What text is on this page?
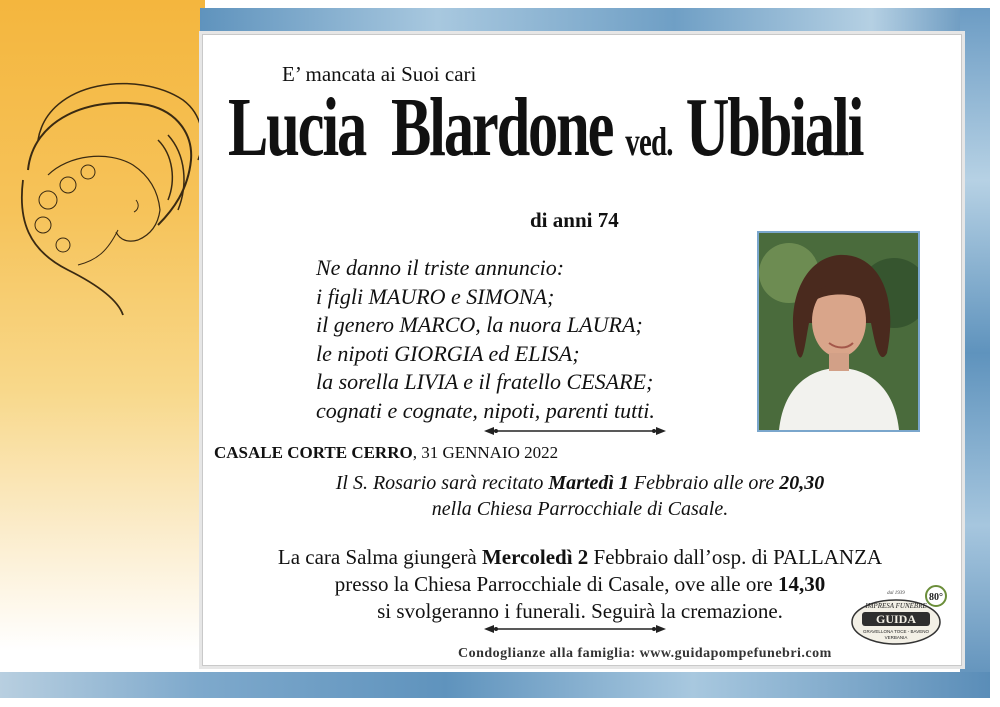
E’ mancata ai Suoi cari
Lucia Blardone ved. Ubbiali
di anni 74
Ne danno il triste annuncio:
i figli MAURO e SIMONA;
il genero MARCO, la nuora LAURA;
le nipoti GIORGIA ed ELISA;
la sorella LIVIA e il fratello CESARE;
cognati e cognate, nipoti, parenti tutti.
CASALE CORTE CERRO, 31 GENNAIO 2022
Il S. Rosario sarà recitato Martedì 1 Febbraio alle ore 20,30
nella Chiesa Parrocchiale di Casale.
La cara Salma giungerà Mercoledì 2 Febbraio dall’osp. di PALLANZA
presso la Chiesa Parrocchiale di Casale, ove alle ore 14,30
si svolgeranno i funerali. Seguirà la cremazione.
80°
dal 1939
IMPRESA FUNEBRE
GUIDA
GRAVELLONA TOCE - BAVENO
VERBANIA
Condoglianze alla famiglia: www.guidapompefunebri.com
